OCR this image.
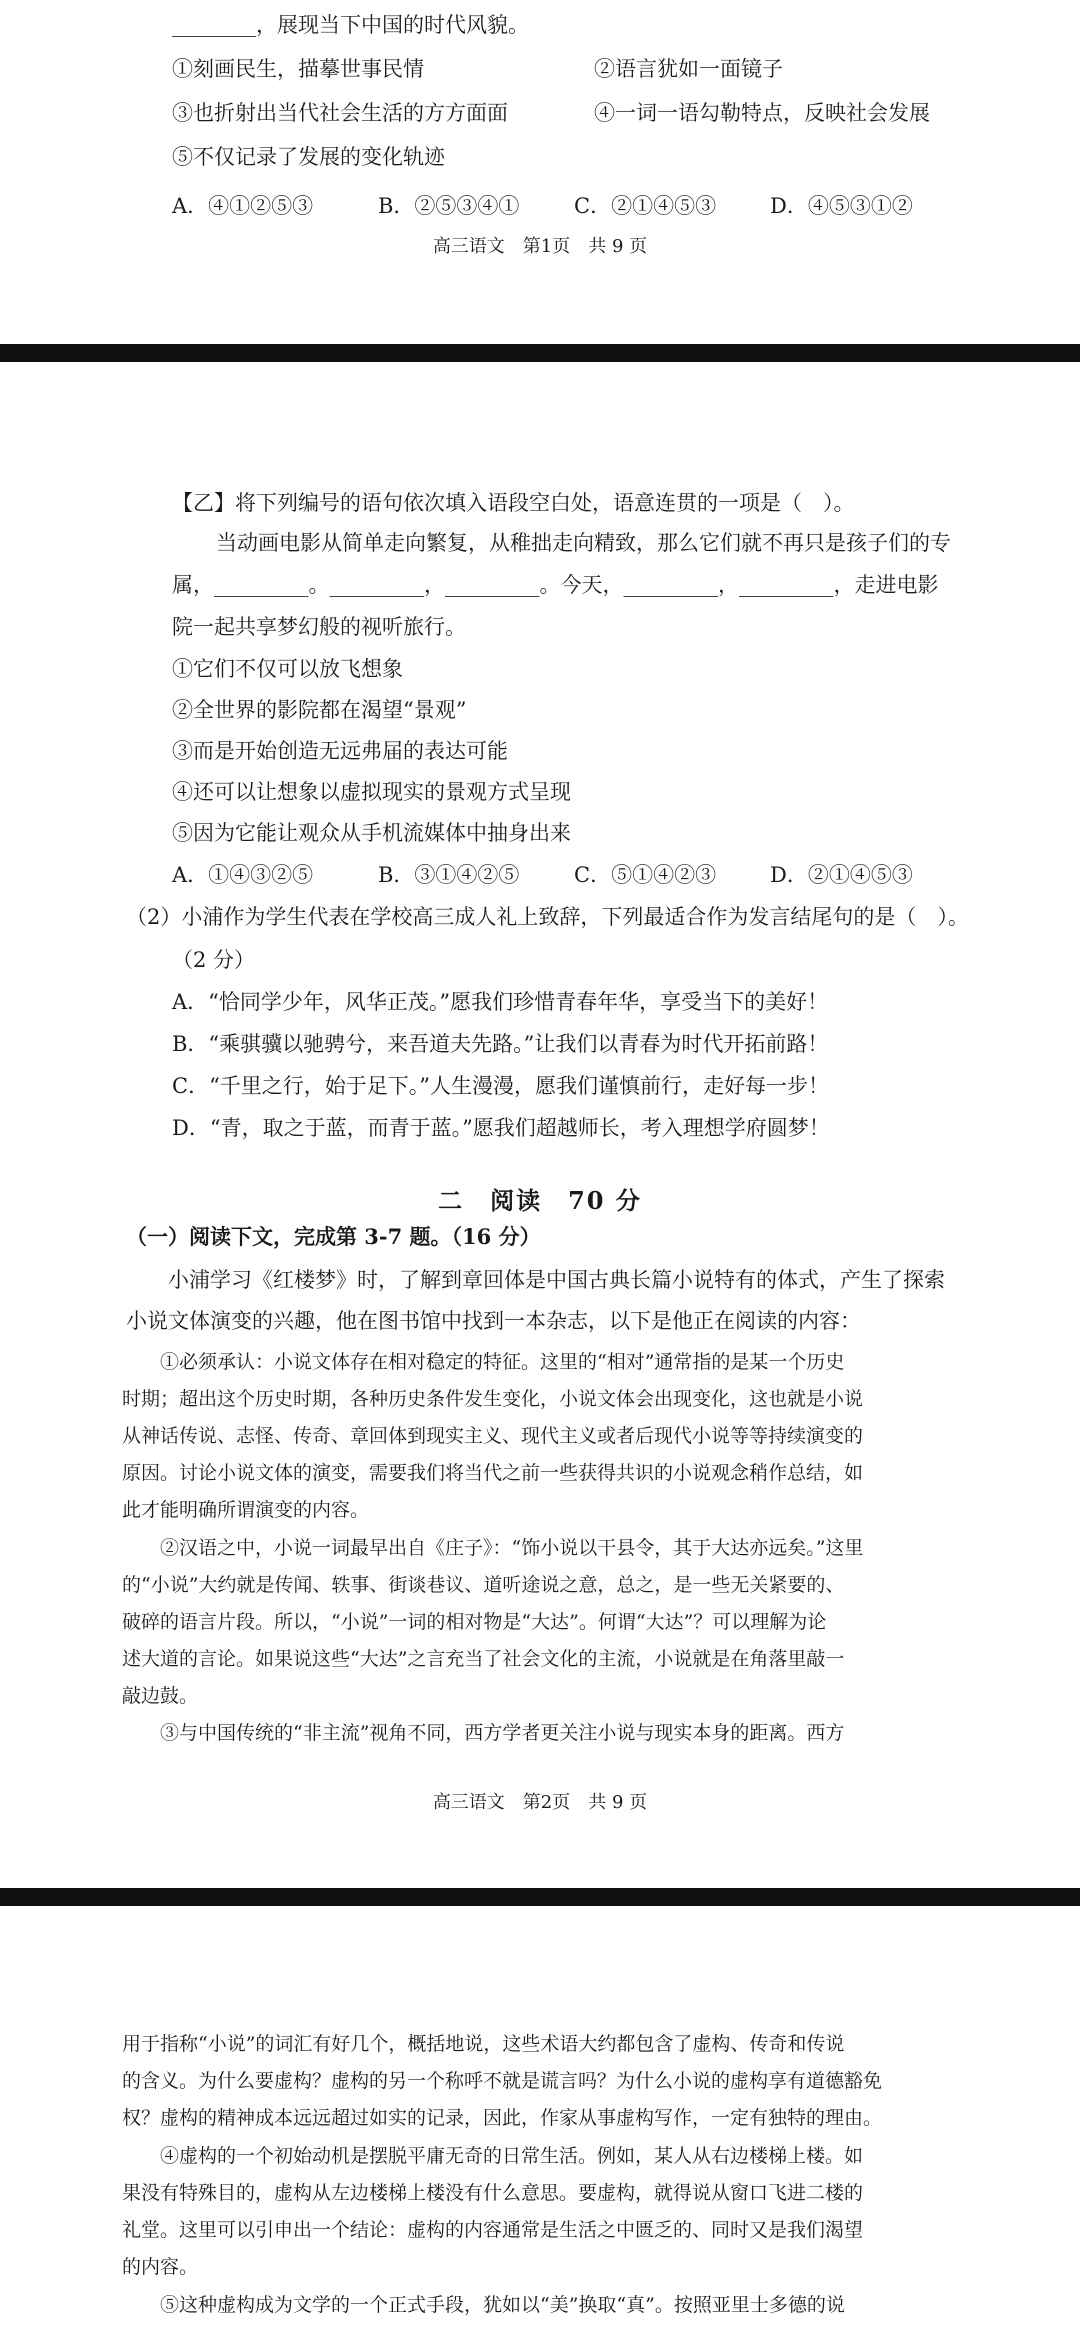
________，展现当下中国的时代风貌。
①刻画民生，描摹世事民情	②语言犹如一面镜子
③也折射出当代社会生活的方方面面	④一词一语勾勒特点，反映社会发展
⑤不仅记录了发展的变化轨迹
A．④①②⑤③	B．②⑤③④①	C．②①④⑤③	D．④⑤③①②
高三语文　第1页　共 9 页
【乙】将下列编号的语句依次填入语段空白处，语意连贯的一项是（　）。
当动画电影从简单走向繁复，从稚拙走向精致，那么它们就不再只是孩子们的专
属，_________。_________，_________。今天，_________，_________，走进电影
院一起共享梦幻般的视听旅行。
①它们不仅可以放飞想象
②全世界的影院都在渴望“景观”
③而是开始创造无远弗届的表达可能
④还可以让想象以虚拟现实的景观方式呈现
⑤因为它能让观众从手机流媒体中抽身出来
A．①④③②⑤	B．③①④②⑤	C．⑤①④②③	D．②①④⑤③
（2）小浦作为学生代表在学校高三成人礼上致辞，下列最适合作为发言结尾句的是（　）。
（2 分）
A．“恰同学少年，风华正茂。”愿我们珍惜青春年华，享受当下的美好！
B．“乘骐骥以驰骋兮，来吾道夫先路。”让我们以青春为时代开拓前路！
C．“千里之行，始于足下。”人生漫漫，愿我们谨慎前行，走好每一步！
D．“青，取之于蓝，而青于蓝。”愿我们超越师长，考入理想学府圆梦！
二　阅读　70 分
（一）阅读下文，完成第 3-7 题。（16 分）
小浦学习《红楼梦》时，了解到章回体是中国古典长篇小说特有的体式，产生了探索
小说文体演变的兴趣，他在图书馆中找到一本杂志，以下是他正在阅读的内容：
①必须承认：小说文体存在相对稳定的特征。这里的“相对”通常指的是某一个历史
时期；超出这个历史时期，各种历史条件发生变化，小说文体会出现变化，这也就是小说
从神话传说、志怪、传奇、章回体到现实主义、现代主义或者后现代小说等等持续演变的
原因。讨论小说文体的演变，需要我们将当代之前一些获得共识的小说观念稍作总结，如
此才能明确所谓演变的内容。
②汉语之中，小说一词最早出自《庄子》：“饰小说以干县令，其于大达亦远矣。”这里
的“小说”大约就是传闻、轶事、街谈巷议、道听途说之意，总之，是一些无关紧要的、
破碎的语言片段。所以，“小说”一词的相对物是“大达”。何谓“大达”？可以理解为论
述大道的言论。如果说这些“大达”之言充当了社会文化的主流，小说就是在角落里敲一
敲边鼓。
③与中国传统的“非主流”视角不同，西方学者更关注小说与现实本身的距离。西方
高三语文　第2页　共 9 页
用于指称“小说”的词汇有好几个，概括地说，这些术语大约都包含了虚构、传奇和传说
的含义。为什么要虚构？虚构的另一个称呼不就是谎言吗？为什么小说的虚构享有道德豁免
权？虚构的精神成本远远超过如实的记录，因此，作家从事虚构写作，一定有独特的理由。
④虚构的一个初始动机是摆脱平庸无奇的日常生活。例如，某人从右边楼梯上楼。如
果没有特殊目的，虚构从左边楼梯上楼没有什么意思。要虚构，就得说从窗口飞进二楼的
礼堂。这里可以引申出一个结论：虚构的内容通常是生活之中匮乏的、同时又是我们渴望
的内容。
⑤这种虚构成为文学的一个正式手段，犹如以“美”换取“真”。按照亚里士多德的说
